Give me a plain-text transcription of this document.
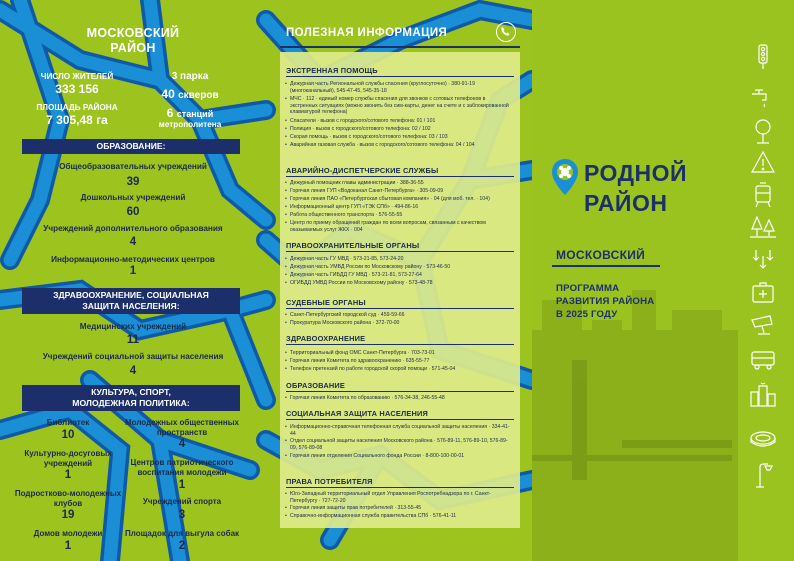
МОСКОВСКИЙ
РАЙОН
ЧИСЛО ЖИТЕЛЕЙ
333 156
ПЛОЩАДЬ РАЙОНА
7 305,48 га
3 парка
40 скверов
6 станций
метрополитена
ОБРАЗОВАНИЕ:
Общеобразовательных учреждений
39
Дошкольных учреждений
60
Учреждений дополнительного образования
4
Информационно-методических центров
1
ЗДРАВООХРАНЕНИЕ, СОЦИАЛЬНАЯ
ЗАЩИТА НАСЕЛЕНИЯ:
Медицинских учреждений
11
Учреждений социальной защиты населения
4
КУЛЬТУРА, СПОРТ,
МОЛОДЕЖНАЯ ПОЛИТИКА:
Библиотек
10
Молодежных общественных пространств
4
Культурно-досуговых учреждений
1
Центров патриотического воспитания молодежи
1
Подростково-молодежных клубов
19
Учреждений спорта
3
Домов молодежи
1
Площадок для выгула собак
2
ПОЛЕЗНАЯ ИНФОРМАЦИЯ
ЭКСТРЕННАЯ ПОМОЩЬ
• Дежурная часть Региональной службы спасения (круглосуточно) · 380-91-19 (многоканальный), 545-47-45, 545-35-18
• МЧС · 112 · единый номер службы спасения для звонков с сотовых телефонов в экстренных ситуациях (можно звонить без сим-карты, денег на счете и с заблокированной клавиатурой телефона)
• Спасатели · вызов с городского/сотового телефона: 01 / 101
• Полиция · вызов с городского/сотового телефона: 02 / 102
• Скорая помощь · вызов с городского/сотового телефона: 03 / 103
• Аварийная газовая служба · вызов с городского/сотового телефона: 04 / 104
АВАРИЙНО-ДИСПЕТЧЕРСКИЕ СЛУЖБЫ
• Дежурный помощник главы администрации · 388-36-55
• Горячая линия ГУП «Водоканал Санкт-Петербурга» · 305-09-09
• Горячая линия ПАО «Петербургская сбытовая компания» · 04 (для моб. тел. · 104)
• Информационный центр ГУП «ТЭК СПб» · 494-86-16
• Работа общественного транспорта · 576-55-55
• Центр по приему обращений граждан по всем вопросам, связанным с качеством оказываемых услуг ЖКХ · 004
ПРАВООХРАНИТЕЛЬНЫЕ ОРГАНЫ
• Дежурная часть ГУ МВД · 573-21-85, 573-24-20
• Дежурная часть УМВД России по Московскому району · 573-46-50
• Дежурная часть ГИБДД ГУ МВД · 573-21-81, 573-27-64
• ОГИБДД УМВД России по Московскому району · 573-48-78
СУДЕБНЫЕ ОРГАНЫ
• Санкт-Петербургский городской суд · 459-59-66
• Прокуратура Московского района · 372-70-00
ЗДРАВООХРАНЕНИЕ
• Территориальный фонд ОМС Санкт-Петербурга · 703-73-01
• Горячая линия Комитета по здравоохранению · 635-55-77
• Телефон претензий по работе городской скорой помощи · 571-45-04
ОБРАЗОВАНИЕ
• Горячая линия Комитета по образованию · 576-34-38, 246-55-48
СОЦИАЛЬНАЯ ЗАЩИТА НАСЕЛЕНИЯ
• Информационно-справочная телефонная служба социальной защиты населения · 334-41-44
• Отдел социальной защиты населения Московского района · 576-89-11, 576-89-10, 576-89-09, 576-89-08
• Горячая линия отделения Социального фонда России · 8-800-100-00-01
ПРАВА ПОТРЕБИТЕЛЯ
• Юго-Западный территориальный отдел Управления Роспотребнадзора по г. Санкт-Петербургу · 727-72-20
• Горячая линия защиты прав потребителей · 313-55-45
• Справочно-информационная служба правительства СПб · 576-41-11
РОДНОЙ
РАЙОН
МОСКОВСКИЙ
ПРОГРАММА
РАЗВИТИЯ РАЙОНА
В 2025 ГОДУ
